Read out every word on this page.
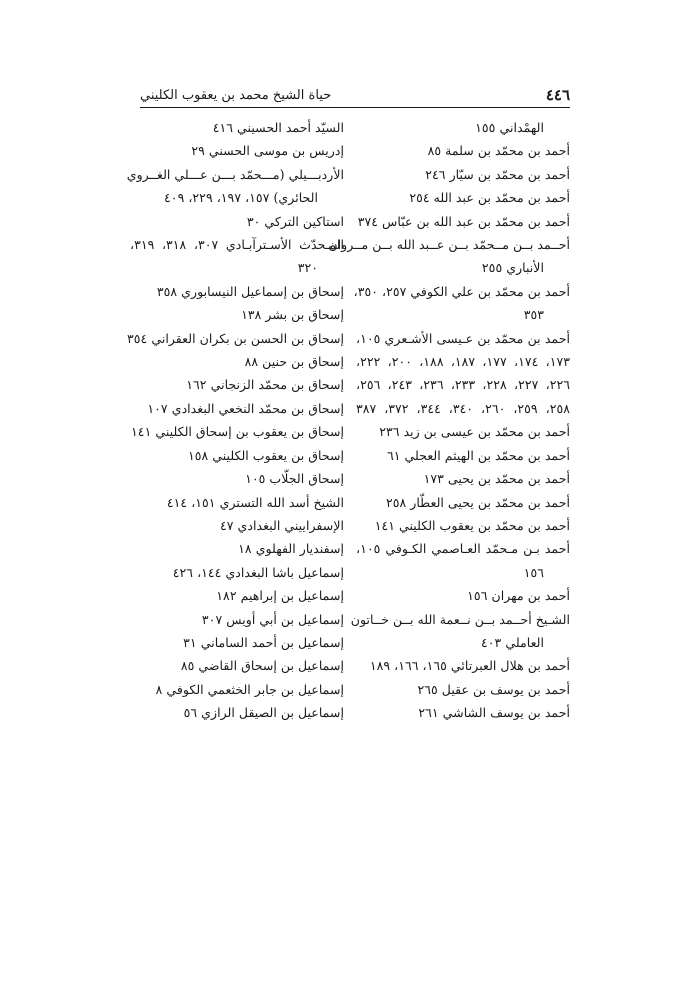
٤٤٦
حياة الشيخ محمد بن يعقوب الكليني
الهمْداني ١٥٥
أحمد بن محمّد بن سلمة ٨٥
أحمد بن محمّد بن سيّار ٢٤٦
أحمد بن محمّد بن عبد الله ٢٥٤
أحمد بن محمّد بن عبد الله بن عبّاس ٣٧٤
أحــمد بــن مــحمّد بــن عــبد الله بــن مــروان
الأنباري ٢٥٥
أحمد بن محمّد بن علي الكوفي ٢٥٧، ٣٥٠،
٣٥٣
أحمد بن محمّد بن عـيسى الأشـعري ١٠٥،
١٧٣، ١٧٤، ١٧٧، ١٨٧، ١٨٨، ٢٠٠، ٢٢٢،
٢٢٦، ٢٢٧، ٢٢٨، ٢٣٣، ٢٣٦، ٢٤٣، ٢٥٦،
٢٥٨، ٢٥٩، ٢٦٠، ٣٤٠، ٣٤٤، ٣٧٢، ٣٨٧
أحمد بن محمّد بن عيسى بن زيد ٢٣٦
أحمد بن محمّد بن الهيثم العجلي ٦١
أحمد بن محمّد بن يحيى ١٧٣
أحمد بن محمّد بن يحيى العطّار ٢٥٨
أحمد بن محمّد بن يعقوب الكليني ١٤١
أحمد بـن مـحمّد العـاصمي الكـوفي ١٠٥،
١٥٦
أحمد بن مهران ١٥٦
الشـيخ أحــمد بــن نــعمة الله بــن خــاتون
العاملي ٤٠٣
أحمد بن هلال العبرتائي ١٦٥، ١٦٦، ١٨٩
أحمد بن يوسف بن عقيل ٢٦٥
أحمد بن يوسف الشاشي ٢٦١
السيّد أحمد الحسيني ٤١٦
إدريس بن موسى الحسني ٢٩
الأردبـــيلي (مـــحمّد بـــن عـــلي الغــروي
الحائري) ١٥٧، ١٩٧، ٢٢٩، ٤٠٩
استاكين التركي ٣٠
المـحدّث الأسـترآبـادي ٣٠٧، ٣١٨، ٣١٩،
٣٢٠
إسحاق بن إسماعيل النيسابوري ٣٥٨
إسحاق بن بشر ١٣٨
إسحاق بن الحسن بن بكران العقراني ٣٥٤
إسحاق بن حنين ٨٨
إسحاق بن محمّد الزنجاني ١٦٢
إسحاق بن محمّد النخعي البغدادي ١٠٧
إسحاق بن يعقوب بن إسحاق الكليني ١٤١
إسحاق بن يعقوب الكليني ١٥٨
إسحاق الجلّاب ١٠٥
الشيخ أسد الله التستري ١٥١، ٤١٤
الإسفراييني البغدادي ٤٧
إسفنديار الفهلوي ١٨
إسماعيل باشا البغدادي ١٤٤، ٤٢٦
إسماعيل بن إبراهيم ١٨٢
إسماعيل بن أبي أويس ٣٠٧
إسماعيل بن أحمد الساماني ٣١
إسماعيل بن إسحاق القاضي ٨٥
إسماعيل بن جابر الخثعمي الكوفي ٨
إسماعيل بن الصيقل الرازي ٥٦
